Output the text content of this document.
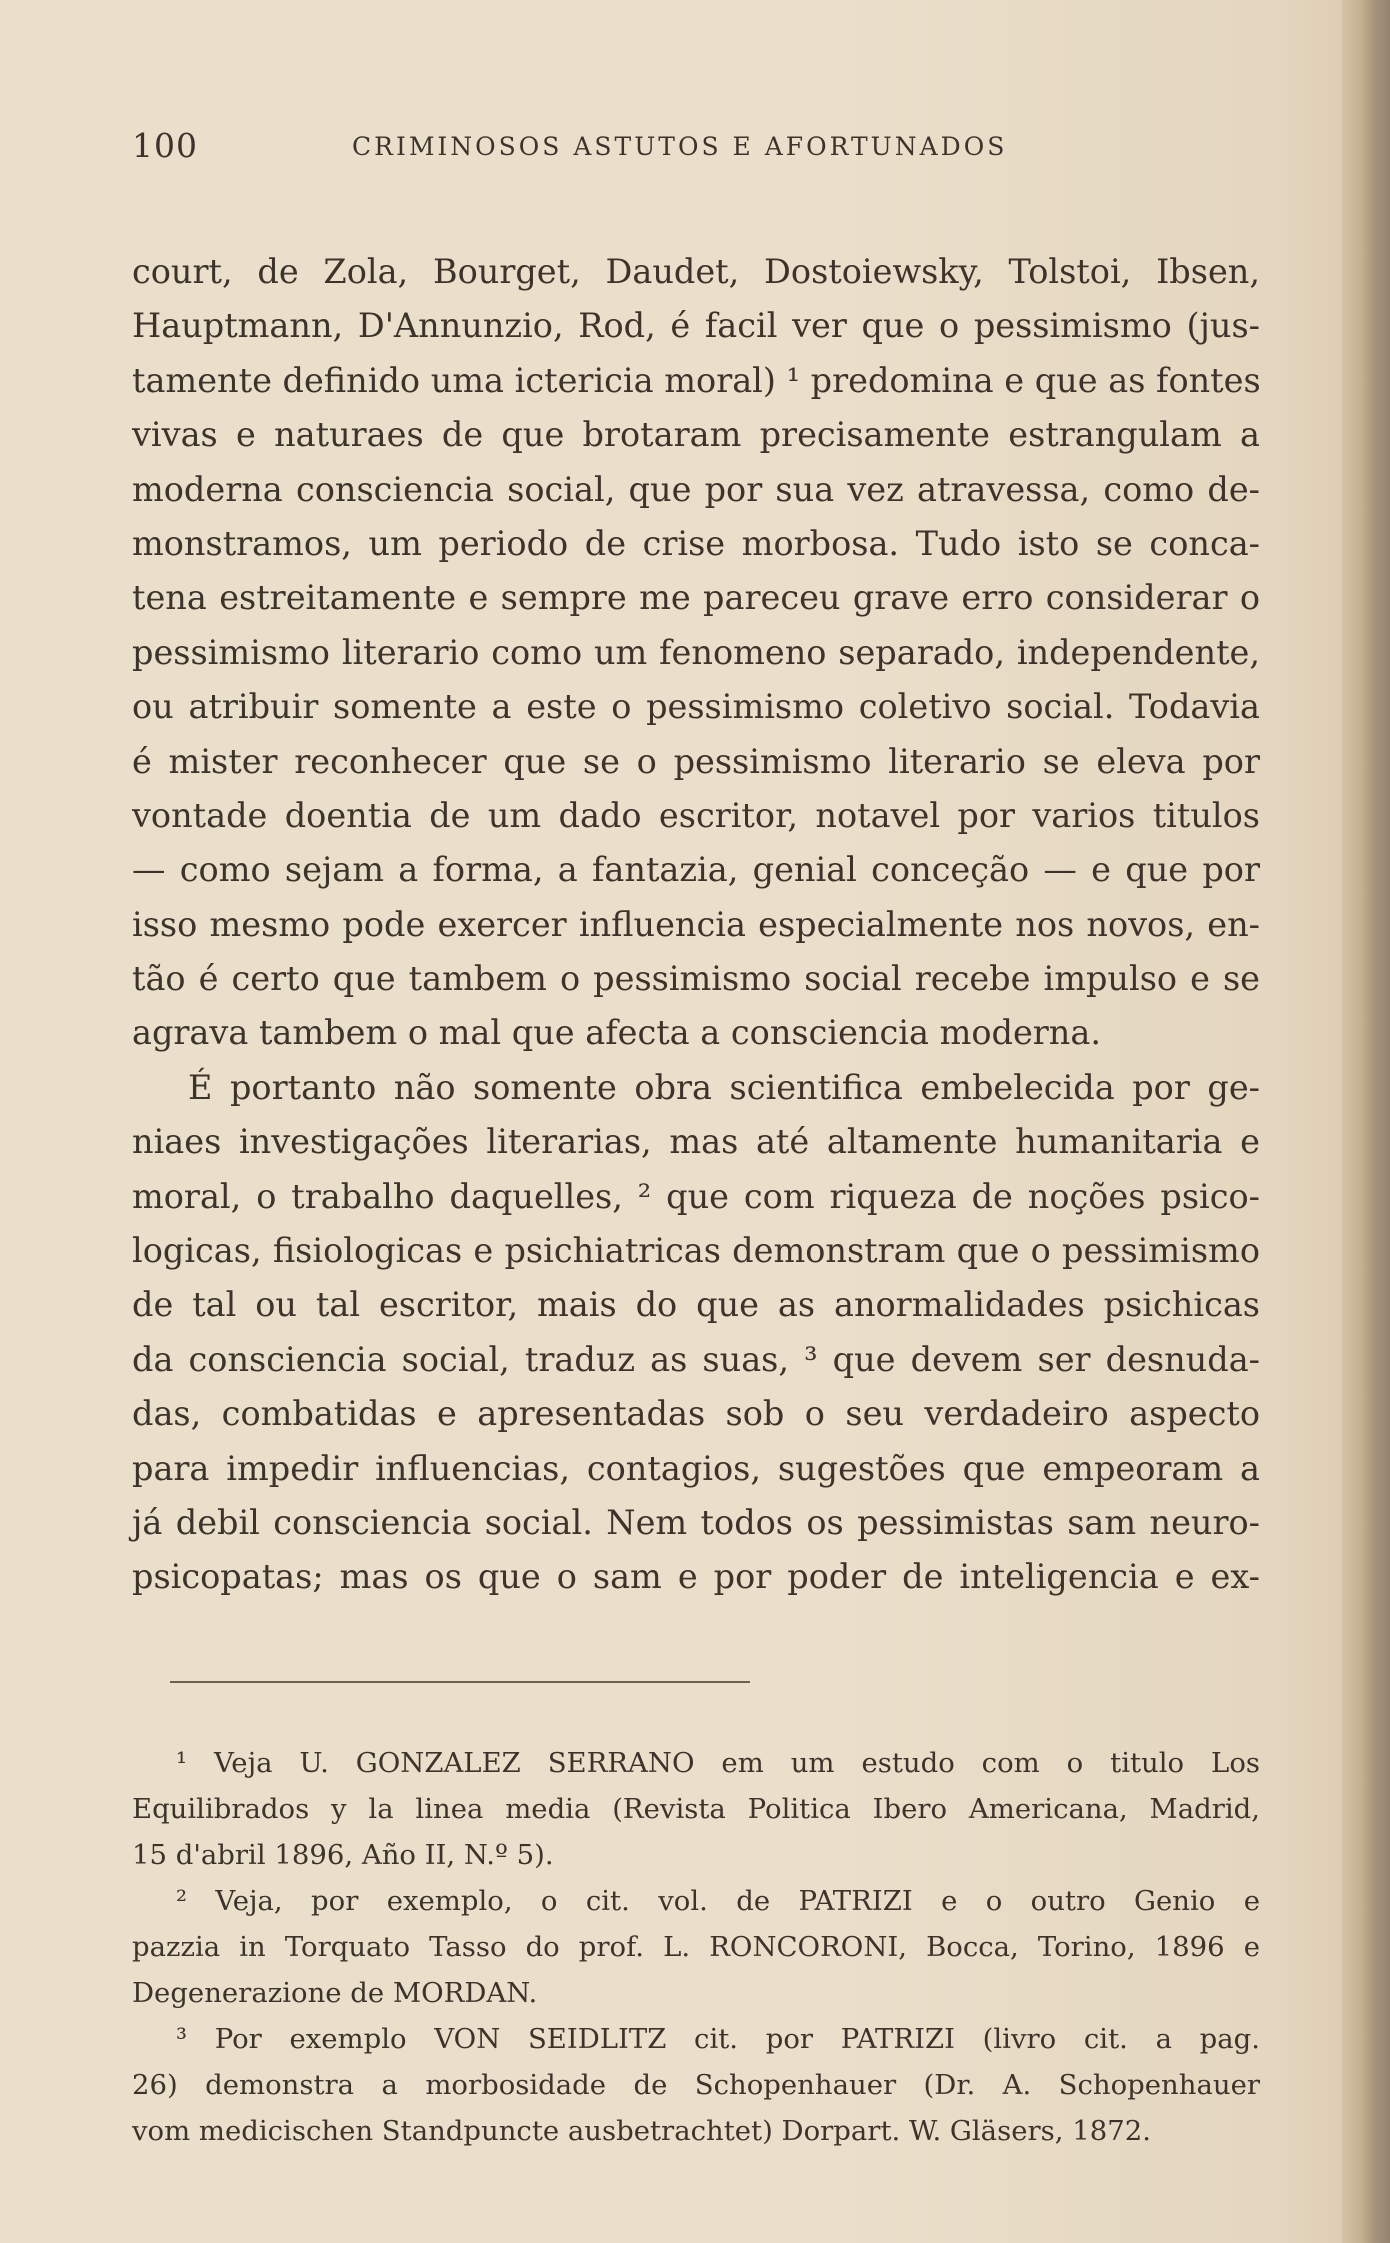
100	CRIMINOSOS ASTUTOS E AFORTUNADOS
court, de Zola, Bourget, Daudet, Dostoiewsky, Tolstoi, Ibsen,
Hauptmann, D'Annunzio, Rod, é facil ver que o pessimismo (jus-
tamente definido uma ictericia moral) ¹ predomina e que as fontes
vivas e naturaes de que brotaram precisamente estrangulam a
moderna consciencia social, que por sua vez atravessa, como de-
monstramos, um periodo de crise morbosa. Tudo isto se conca-
tena estreitamente e sempre me pareceu grave erro considerar o
pessimismo literario como um fenomeno separado, independente,
ou atribuir somente a este o pessimismo coletivo social. Todavia
é mister reconhecer que se o pessimismo literario se eleva por
vontade doentia de um dado escritor, notavel por varios titulos
— como sejam a forma, a fantazia, genial conceção — e que por
isso mesmo pode exercer influencia especialmente nos novos, en-
tão é certo que tambem o pessimismo social recebe impulso e se
agrava tambem o mal que afecta a consciencia moderna.
É portanto não somente obra scientifica embelecida por ge-
niaes investigações literarias, mas até altamente humanitaria e
moral, o trabalho daquelles, ² que com riqueza de noções psico-
logicas, fisiologicas e psichiatricas demonstram que o pessimismo
de tal ou tal escritor, mais do que as anormalidades psichicas
da consciencia social, traduz as suas, ³ que devem ser desnuda-
das, combatidas e apresentadas sob o seu verdadeiro aspecto
para impedir influencias, contagios, sugestões que empeoram a
já debil consciencia social. Nem todos os pessimistas sam neuro-
psicopatas; mas os que o sam e por poder de inteligencia e ex-
¹ Veja U. GONZALEZ SERRANO em um estudo com o titulo Los
Equilibrados y la linea media (Revista Politica Ibero Americana, Madrid,
15 d'abril 1896, Año II, N.º 5).
² Veja, por exemplo, o cit. vol. de PATRIZI e o outro Genio e
pazzia in Torquato Tasso do prof. L. RONCORONI, Bocca, Torino, 1896 e
Degenerazione de MORDAN.
³ Por exemplo VON SEIDLITZ cit. por PATRIZI (livro cit. a pag.
26) demonstra a morbosidade de Schopenhauer (Dr. A. Schopenhauer
vom medicischen Standpuncte ausbetrachtet) Dorpart. W. Gläsers, 1872.
